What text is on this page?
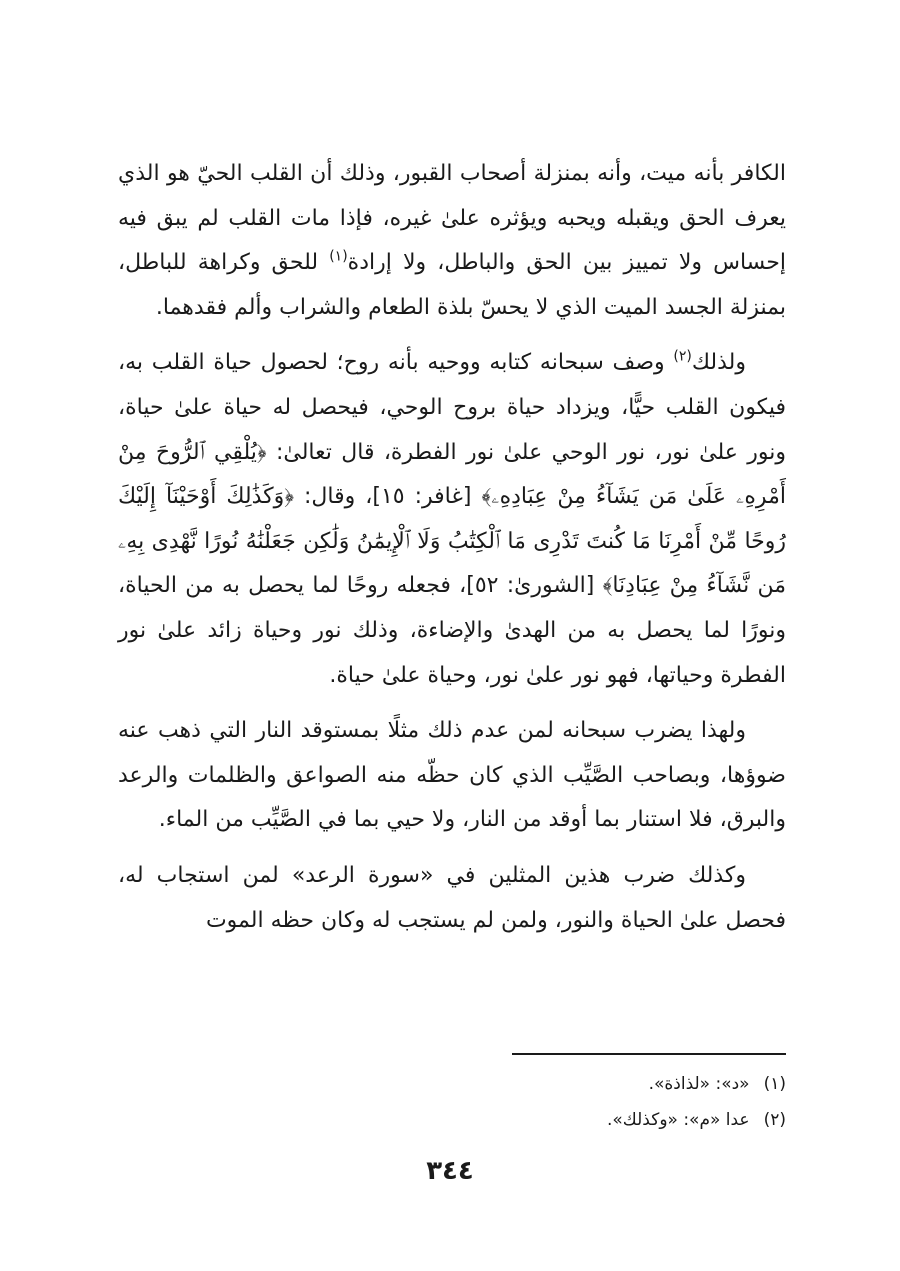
الكافر بأنه ميت، وأنه بمنزلة أصحاب القبور، وذلك أن القلب الحيّ هو الذي يعرف الحق ويقبله ويحبه ويؤثره علىٰ غيره، فإذا مات القلب لم يبق فيه إحساس ولا تمييز بين الحق والباطل، ولا إرادة$^{(١)}$ للحق وكراهة للباطل، بمنزلة الجسد الميت الذي لا يحسّ بلذة الطعام والشراب وألم فقدهما.

ولذلك$^{(٢)}$ وصف سبحانه كتابه ووحيه بأنه روح؛ لحصول حياة القلب به، فيكون القلب حيًّا، ويزداد حياة بروح الوحي، فيحصل له حياة علىٰ حياة، ونور علىٰ نور، نور الوحي علىٰ نور الفطرة، قال تعالىٰ: ﴿يُلْقِي ٱلرُّوحَ مِنْ أَمْرِهِۦ عَلَىٰ مَن يَشَآءُ مِنْ عِبَادِهِۦ﴾ [غافر: ١٥]، وقال: ﴿وَكَذَٰلِكَ أَوْحَيْنَآ إِلَيْكَ رُوحًا مِّنْ أَمْرِنَا مَا كُنتَ تَدْرِى مَا ٱلْكِتَٰبُ وَلَا ٱلْإِيمَٰنُ وَلَٰكِن جَعَلْنَٰهُ نُورًا نَّهْدِى بِهِۦ مَن نَّشَآءُ مِنْ عِبَادِنَا﴾ [الشورىٰ: ٥٢]، فجعله روحًا لما يحصل به من الحياة، ونورًا لما يحصل به من الهدىٰ والإضاءة، وذلك نور وحياة زائد علىٰ نور الفطرة وحياتها، فهو نور علىٰ نور، وحياة علىٰ حياة.

ولهذا يضرب سبحانه لمن عدم ذلك مثلًا بمستوقد النار التي ذهب عنه ضوؤها، وبصاحب الصَّيِّب الذي كان حظّه منه الصواعق والظلمات والرعد والبرق، فلا استنار بما أوقد من النار، ولا حيي بما في الصَّيِّب من الماء.

وكذلك ضرب هذين المثلين في «سورة الرعد» لمن استجاب له، فحصل علىٰ الحياة والنور، ولمن لم يستجب له وكان حظه الموت

(١)«د»: «لذاذة».

(٢)عدا «م»: «وكذلك».

٣٤٤
